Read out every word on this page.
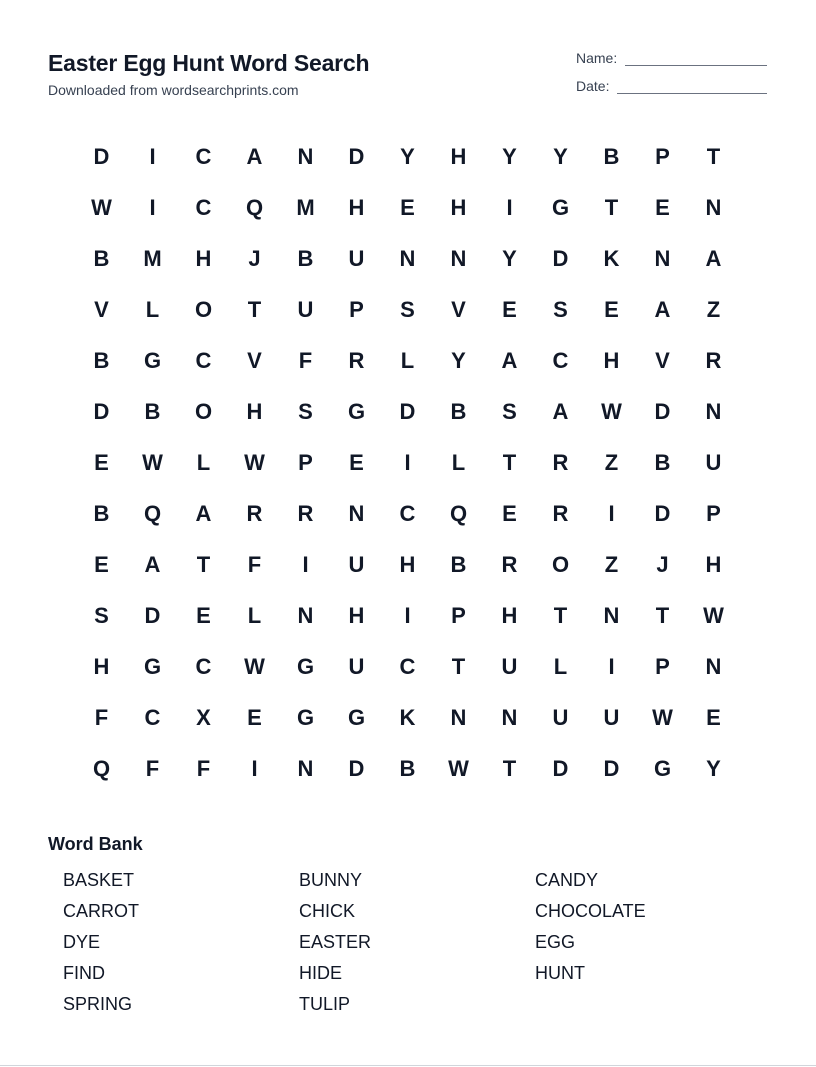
Easter Egg Hunt Word Search
Downloaded from wordsearchprints.com
Name:
Date:
D	I	C	A	N	D	Y	H	Y	Y	B	P	T
W	I	C	Q	M	H	E	H	I	G	T	E	N
B	M	H	J	B	U	N	N	Y	D	K	N	A
V	L	O	T	U	P	S	V	E	S	E	A	Z
B	G	C	V	F	R	L	Y	A	C	H	V	R
D	B	O	H	S	G	D	B	S	A	W	D	N
E	W	L	W	P	E	I	L	T	R	Z	B	U
B	Q	A	R	R	N	C	Q	E	R	I	D	P
E	A	T	F	I	U	H	B	R	O	Z	J	H
S	D	E	L	N	H	I	P	H	T	N	T	W
H	G	C	W	G	U	C	T	U	L	I	P	N
F	C	X	E	G	G	K	N	N	U	U	W	E
Q	F	F	I	N	D	B	W	T	D	D	G	Y
Word Bank
BASKET	BUNNY	CANDY
CARROT	CHICK	CHOCOLATE
DYE	EASTER	EGG
FIND	HIDE	HUNT
SPRING	TULIP
